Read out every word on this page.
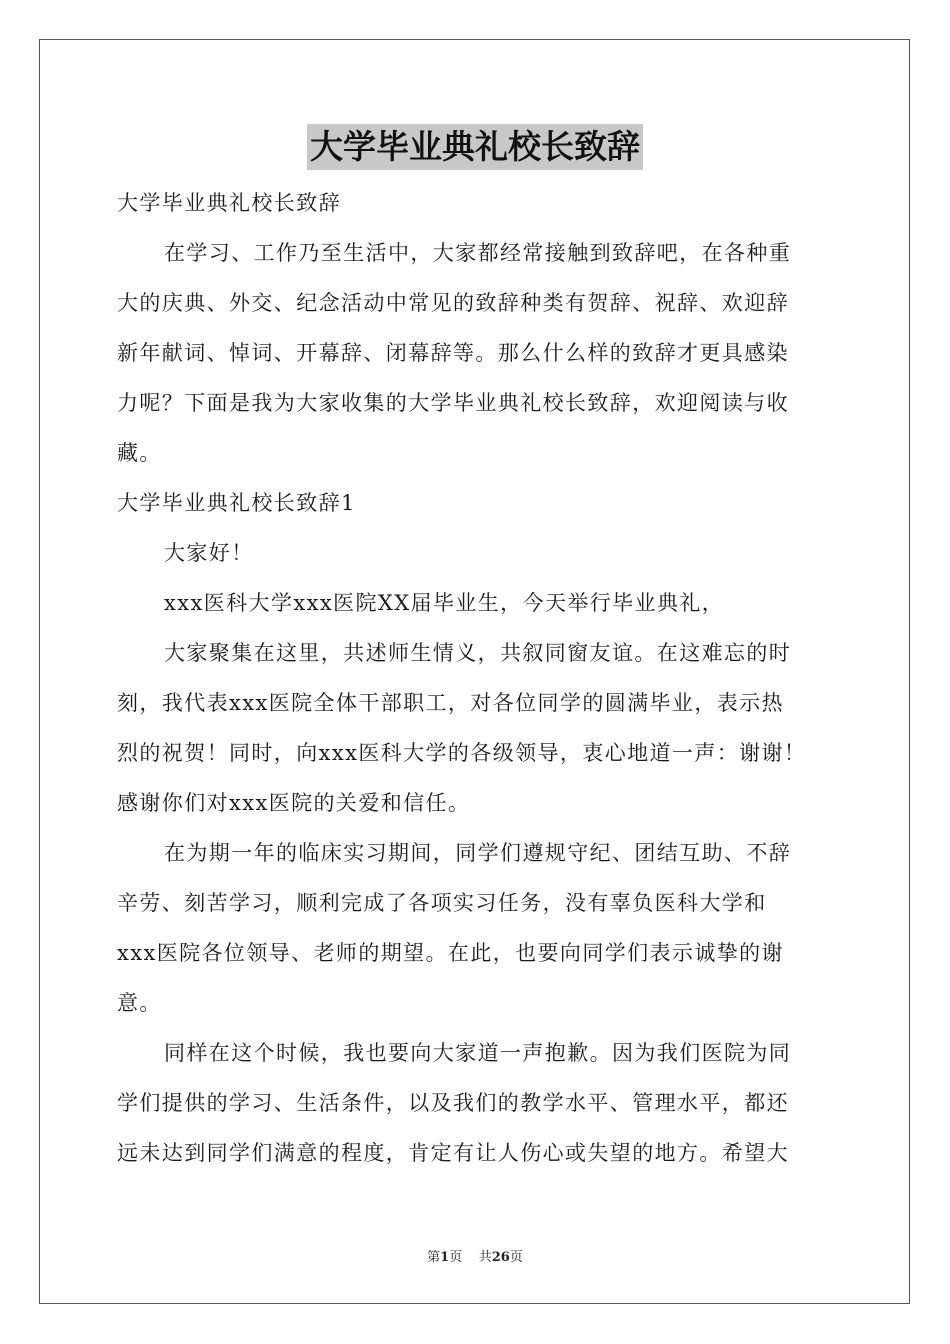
大学毕业典礼校长致辞
大学毕业典礼校长致辞
在学习、工作乃至生活中，大家都经常接触到致辞吧，在各种重
大的庆典、外交、纪念活动中常见的致辞种类有贺辞、祝辞、欢迎辞
新年献词、悼词、开幕辞、闭幕辞等。那么什么样的致辞才更具感染
力呢？下面是我为大家收集的大学毕业典礼校长致辞，欢迎阅读与收
藏。
大学毕业典礼校长致辞1
大家好！
xxx医科大学xxx医院XX届毕业生，今天举行毕业典礼，
大家聚集在这里，共述师生情义，共叙同窗友谊。在这难忘的时
刻，我代表xxx医院全体干部职工，对各位同学的圆满毕业，表示热
烈的祝贺！同时，向xxx医科大学的各级领导，衷心地道一声：谢谢！
感谢你们对xxx医院的关爱和信任。
在为期一年的临床实习期间，同学们遵规守纪、团结互助、不辞
辛劳、刻苦学习，顺利完成了各项实习任务，没有辜负医科大学和
xxx医院各位领导、老师的期望。在此，也要向同学们表示诚挚的谢
意。
同样在这个时候，我也要向大家道一声抱歉。因为我们医院为同
学们提供的学习、生活条件，以及我们的教学水平、管理水平，都还
远未达到同学们满意的程度，肯定有让人伤心或失望的地方。希望大
第1页 共26页
